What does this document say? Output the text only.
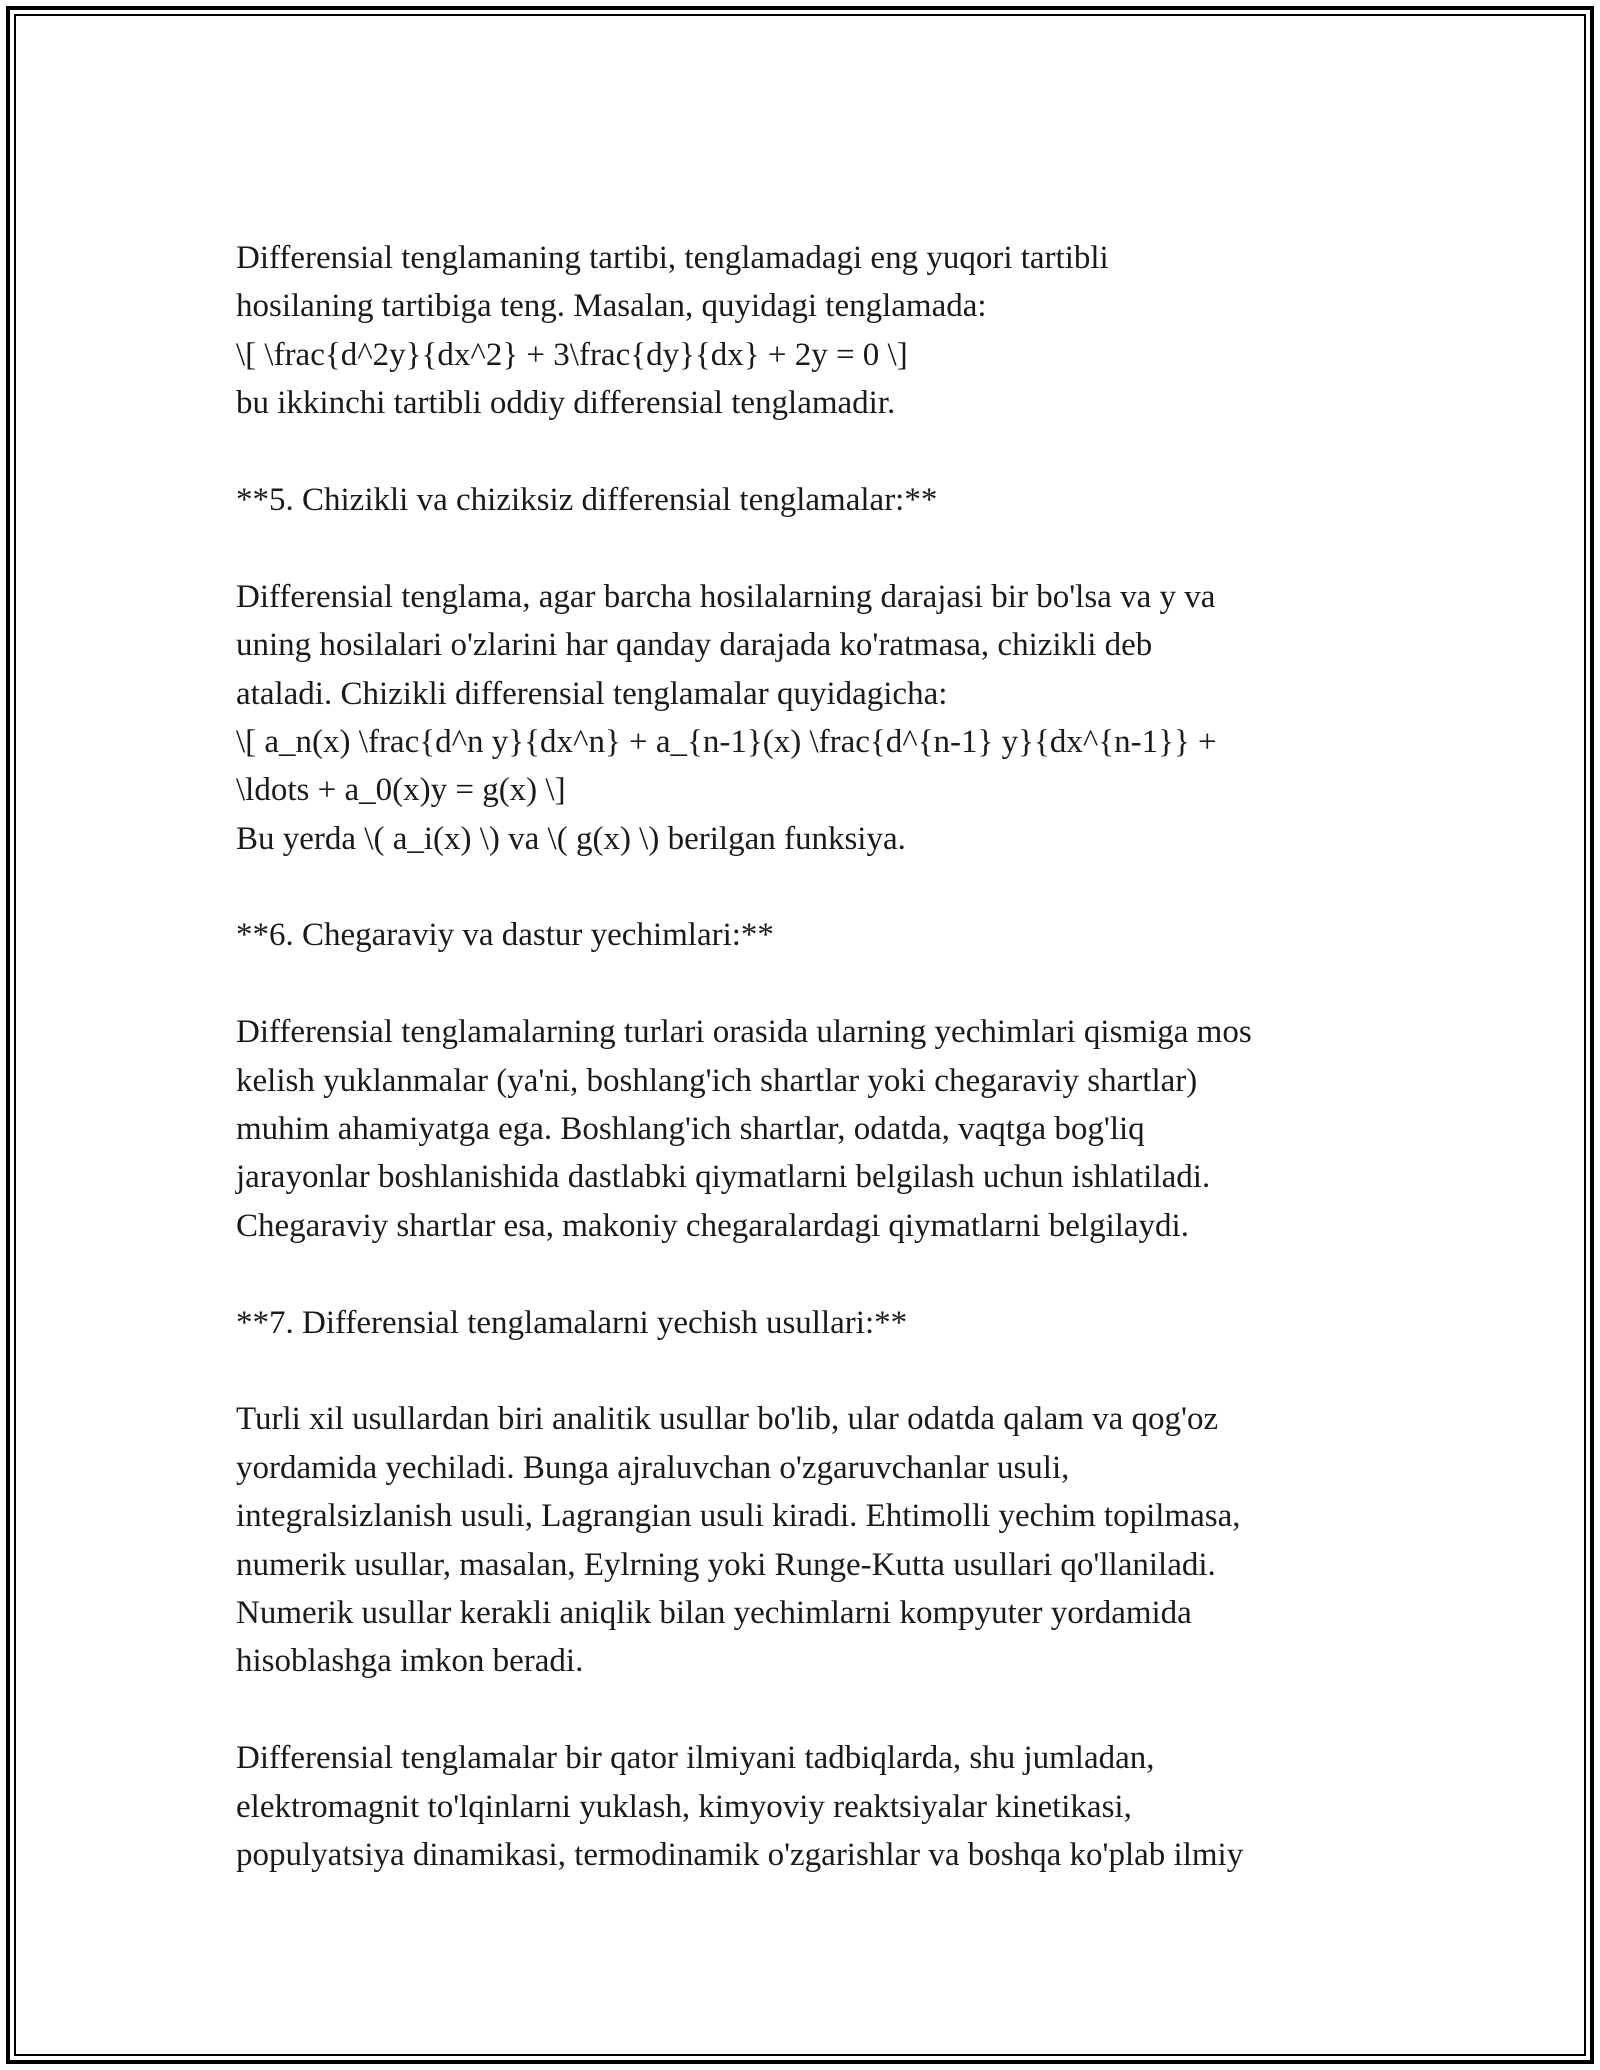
Differensial tenglamaning tartibi, tenglamadagi eng yuqori tartibli
hosilaning tartibiga teng. Masalan, quyidagi tenglamada:
\[ \frac{d^2y}{dx^2} + 3\frac{dy}{dx} + 2y = 0 \]
bu ikkinchi tartibli oddiy differensial tenglamadir.
**5. Chizikli va chiziksiz differensial tenglamalar:**
Differensial tenglama, agar barcha hosilalarning darajasi bir bo'lsa va y va
uning hosilalari o'zlarini har qanday darajada ko'ratmasa, chizikli deb
ataladi. Chizikli differensial tenglamalar quyidagicha:
\[ a_n(x) \frac{d^n y}{dx^n} + a_{n-1}(x) \frac{d^{n-1} y}{dx^{n-1}} +
\ldots + a_0(x)y = g(x) \]
Bu yerda \( a_i(x) \) va \( g(x) \) berilgan funksiya.
**6. Chegaraviy va dastur yechimlari:**
Differensial tenglamalarning turlari orasida ularning yechimlari qismiga mos
kelish yuklanmalar (ya'ni, boshlang'ich shartlar yoki chegaraviy shartlar)
muhim ahamiyatga ega. Boshlang'ich shartlar, odatda, vaqtga bog'liq
jarayonlar boshlanishida dastlabki qiymatlarni belgilash uchun ishlatiladi.
Chegaraviy shartlar esa, makoniy chegaralardagi qiymatlarni belgilaydi.
**7. Differensial tenglamalarni yechish usullari:**
Turli xil usullardan biri analitik usullar bo'lib, ular odatda qalam va qog'oz
yordamida yechiladi. Bunga ajraluvchan o'zgaruvchanlar usuli,
integralsizlanish usuli, Lagrangian usuli kiradi. Ehtimolli yechim topilmasa,
numerik usullar, masalan, Eylrning yoki Runge-Kutta usullari qo'llaniladi.
Numerik usullar kerakli aniqlik bilan yechimlarni kompyuter yordamida
hisoblashga imkon beradi.
Differensial tenglamalar bir qator ilmiyani tadbiqlarda, shu jumladan,
elektromagnit to'lqinlarni yuklash, kimyoviy reaktsiyalar kinetikasi,
populyatsiya dinamikasi, termodinamik o'zgarishlar va boshqa ko'plab ilmiy
